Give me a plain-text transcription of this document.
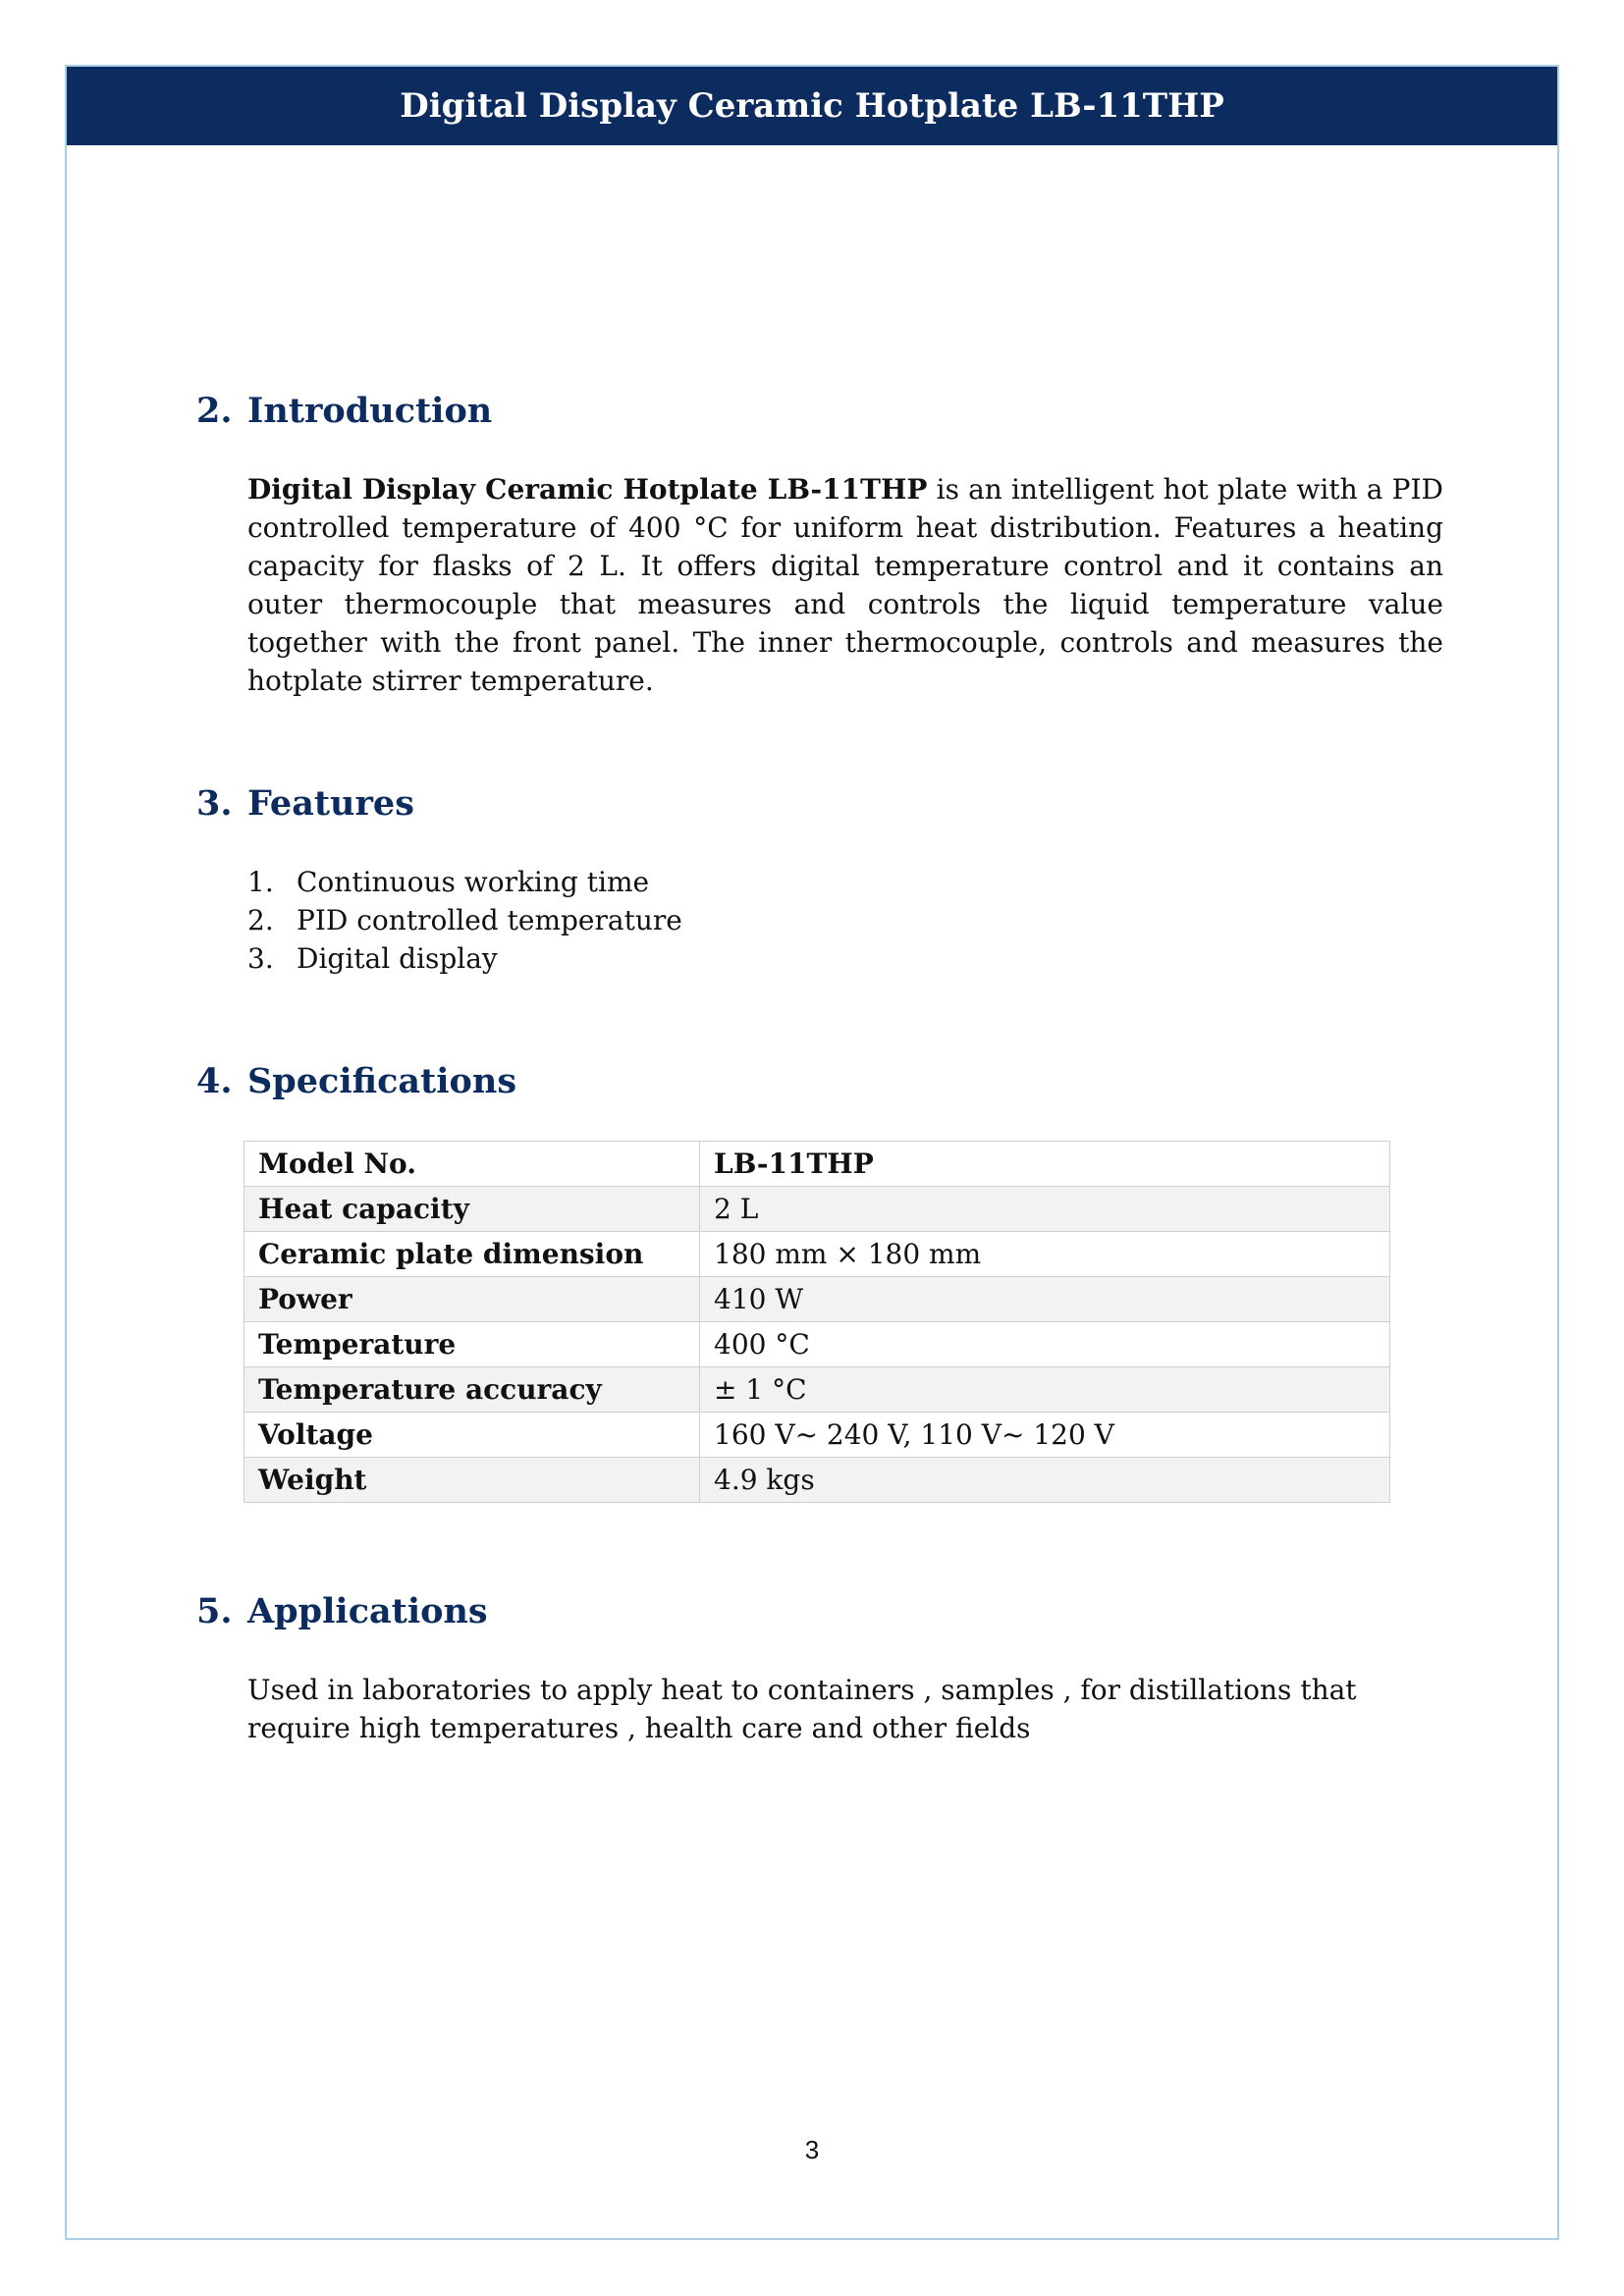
Digital Display Ceramic Hotplate LB-11THP
2. Introduction

Digital Display Ceramic Hotplate LB-11THP is an intelligent hot plate with a PID controlled temperature of 400 °C for uniform heat distribution. Features a heating capacity for flasks of 2 L. It offers digital temperature control and it contains an outer thermocouple that measures and controls the liquid temperature value together with the front panel. The inner thermocouple, controls and measures the hotplate stirrer temperature.

3. Features
1. Continuous working time
2. PID controlled temperature
3. Digital display
4. Specifications
Model No.	LB-11THP
Heat capacity	2 L
Ceramic plate dimension	180 mm × 180 mm
Power	410 W
Temperature	400 °C
Temperature accuracy	± 1 °C
Voltage	160 V~ 240 V, 110 V~ 120 V
Weight	4.9 kgs
5. Applications

Used in laboratories to apply heat to containers , samples , for distillations that require high temperatures , health care and other fields

3
